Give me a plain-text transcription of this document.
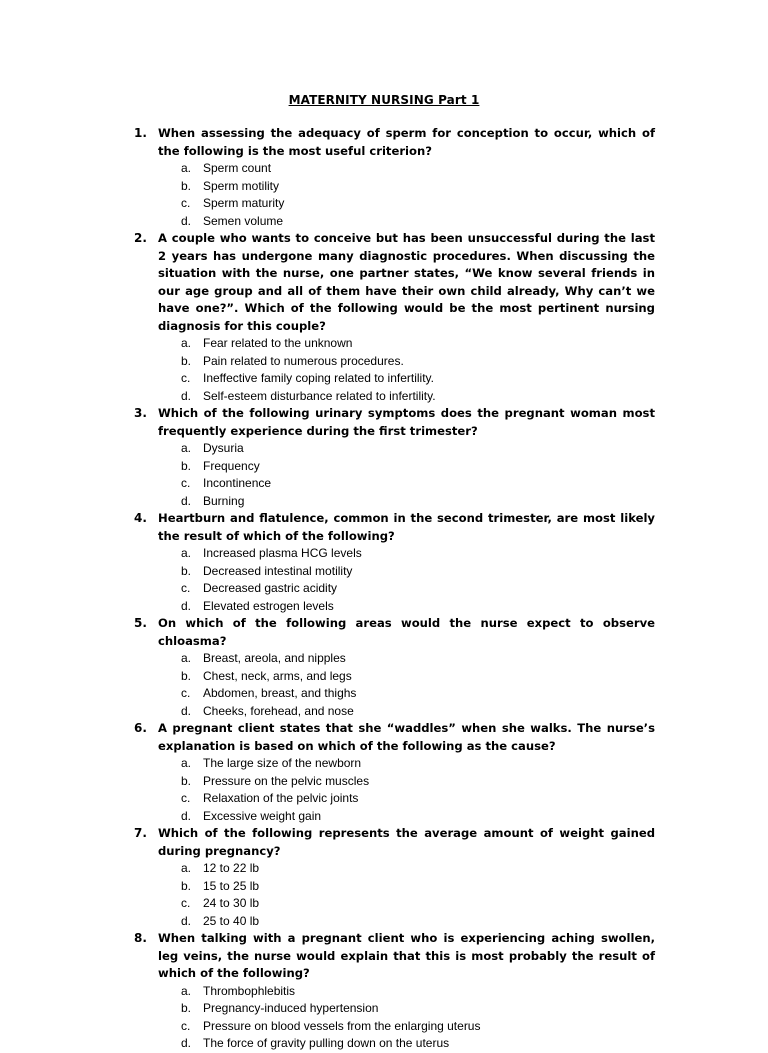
MATERNITY NURSING Part 1
1. When assessing the adequacy of sperm for conception to occur, which of the following is the most useful criterion?
a. Sperm count
b. Sperm motility
c. Sperm maturity
d. Semen volume
2. A couple who wants to conceive but has been unsuccessful during the last 2 years has undergone many diagnostic procedures. When discussing the situation with the nurse, one partner states, “We know several friends in our age group and all of them have their own child already, Why can’t we have one?”. Which of the following would be the most pertinent nursing diagnosis for this couple?
a. Fear related to the unknown
b. Pain related to numerous procedures.
c. Ineffective family coping related to infertility.
d. Self-esteem disturbance related to infertility.
3. Which of the following urinary symptoms does the pregnant woman most frequently experience during the first trimester?
a. Dysuria
b. Frequency
c. Incontinence
d. Burning
4. Heartburn and flatulence, common in the second trimester, are most likely the result of which of the following?
a. Increased plasma HCG levels
b. Decreased intestinal motility
c. Decreased gastric acidity
d. Elevated estrogen levels
5. On which of the following areas would the nurse expect to observe chloasma?
a. Breast, areola, and nipples
b. Chest, neck, arms, and legs
c. Abdomen, breast, and thighs
d. Cheeks, forehead, and nose
6. A pregnant client states that she “waddles” when she walks. The nurse’s explanation is based on which of the following as the cause?
a. The large size of the newborn
b. Pressure on the pelvic muscles
c. Relaxation of the pelvic joints
d. Excessive weight gain
7. Which of the following represents the average amount of weight gained during pregnancy?
a. 12 to 22 lb
b. 15 to 25 lb
c. 24 to 30 lb
d. 25 to 40 lb
8. When talking with a pregnant client who is experiencing aching swollen, leg veins, the nurse would explain that this is most probably the result of which of the following?
a. Thrombophlebitis
b. Pregnancy-induced hypertension
c. Pressure on blood vessels from the enlarging uterus
d. The force of gravity pulling down on the uterus
